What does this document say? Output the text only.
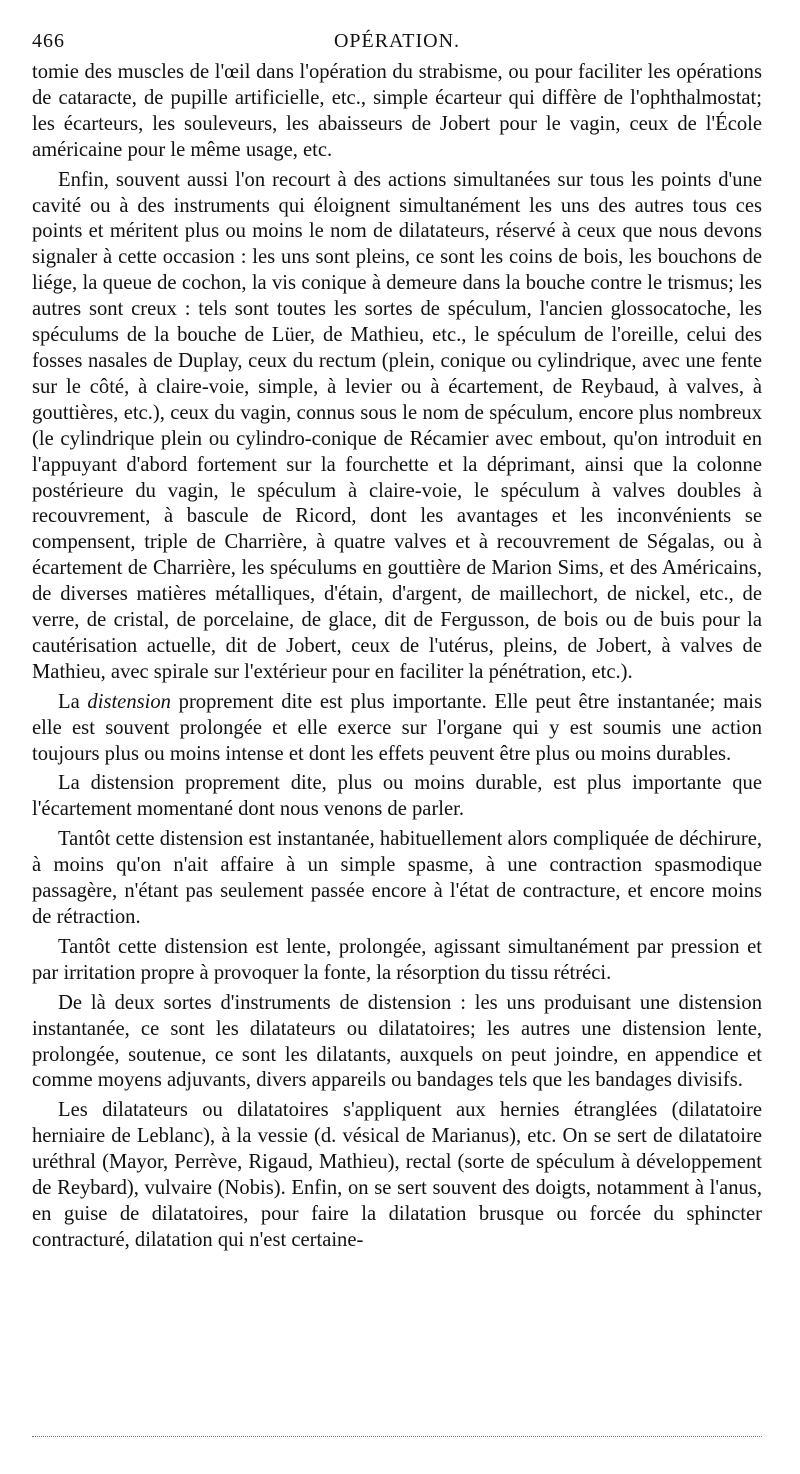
466	OPÉRATION.

tomie des muscles de l'œil dans l'opération du strabisme, ou pour faciliter les opérations de cataracte, de pupille artificielle, etc., simple écarteur qui diffère de l'ophthalmostat; les écarteurs, les souleveurs, les abaisseurs de Jobert pour le vagin, ceux de l'École américaine pour le même usage, etc.

Enfin, souvent aussi l'on recourt à des actions simultanées sur tous les points d'une cavité ou à des instruments qui éloignent simultanément les uns des autres tous ces points et méritent plus ou moins le nom de dilatateurs, réservé à ceux que nous devons signaler à cette occasion : les uns sont pleins, ce sont les coins de bois, les bouchons de liége, la queue de cochon, la vis conique à demeure dans la bouche contre le trismus; les autres sont creux : tels sont toutes les sortes de spéculum, l'ancien glossocatoche, les spéculums de la bouche de Lüer, de Mathieu, etc., le spéculum de l'oreille, celui des fosses nasales de Duplay, ceux du rectum (plein, conique ou cylindrique, avec une fente sur le côté, à claire-voie, simple, à levier ou à écartement, de Reybaud, à valves, à gouttières, etc.), ceux du vagin, connus sous le nom de spéculum, encore plus nombreux (le cylindrique plein ou cylindro-conique de Récamier avec embout, qu'on introduit en l'appuyant d'abord fortement sur la fourchette et la déprimant, ainsi que la colonne postérieure du vagin, le spéculum à claire-voie, le spéculum à valves doubles à recouvrement, à bascule de Ricord, dont les avantages et les inconvénients se compensent, triple de Charrière, à quatre valves et à recouvrement de Ségalas, ou à écartement de Charrière, les spéculums en gouttière de Marion Sims, et des Américains, de diverses matières métalliques, d'étain, d'argent, de maillechort, de nickel, etc., de verre, de cristal, de porcelaine, de glace, dit de Fergusson, de bois ou de buis pour la cautérisation actuelle, dit de Jobert, ceux de l'utérus, pleins, de Jobert, à valves de Mathieu, avec spirale sur l'extérieur pour en faciliter la pénétration, etc.).

La distension proprement dite est plus importante. Elle peut être instantanée; mais elle est souvent prolongée et elle exerce sur l'organe qui y est soumis une action toujours plus ou moins intense et dont les effets peuvent être plus ou moins durables.

La distension proprement dite, plus ou moins durable, est plus importante que l'écartement momentané dont nous venons de parler.

Tantôt cette distension est instantanée, habituellement alors compliquée de déchirure, à moins qu'on n'ait affaire à un simple spasme, à une contraction spasmodique passagère, n'étant pas seulement passée encore à l'état de contracture, et encore moins de rétraction.

Tantôt cette distension est lente, prolongée, agissant simultanément par pression et par irritation propre à provoquer la fonte, la résorption du tissu rétréci.

De là deux sortes d'instruments de distension : les uns produisant une distension instantanée, ce sont les dilatateurs ou dilatatoires; les autres une distension lente, prolongée, soutenue, ce sont les dilatants, auxquels on peut joindre, en appendice et comme moyens adjuvants, divers appareils ou bandages tels que les bandages divisifs.

Les dilatateurs ou dilatatoires s'appliquent aux hernies étranglées (dilatatoire herniaire de Leblanc), à la vessie (d. vésical de Marianus), etc. On se sert de dilatatoire uréthral (Mayor, Perrève, Rigaud, Mathieu), rectal (sorte de spéculum à développement de Reybard), vulvaire (Nobis). Enfin, on se sert souvent des doigts, notamment à l'anus, en guise de dilatatoires, pour faire la dilatation brusque ou forcée du sphincter contracturé, dilatation qui n'est certaine-
